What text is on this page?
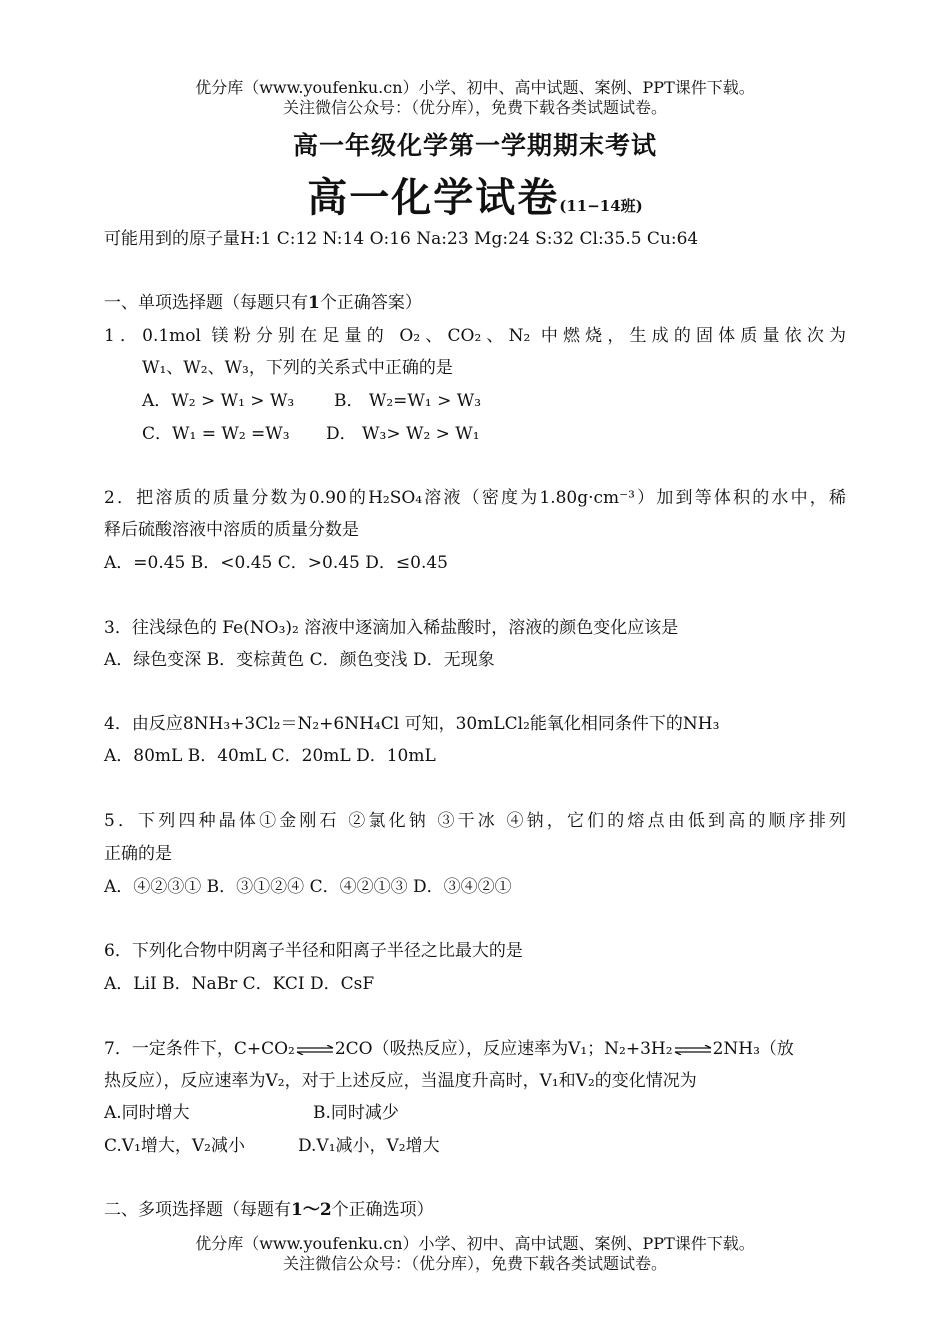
优分库（www.youfenku.cn）小学、初中、高中试题、案例、PPT课件下载。
关注微信公众号：（优分库），免费下载各类试题试卷。
高一年级化学第一学期期末考试
高一化学试卷(11−14班)
可能用到的原子量H:1 C:12 N:14 O:16 Na:23 Mg:24 S:32 Cl:35.5 Cu:64
一、单项选择题（每题只有1个正确答案）
1．0.1mol 镁粉分别在足量的 O₂、CO₂、N₂ 中燃烧，生成的固体质量依次为
W₁、W₂、W₃，下列的关系式中正确的是
A．W₂ > W₁ > W₃ B． W₂=W₁ > W₃
C．W₁ = W₂ =W₃ D． W₃> W₂ > W₁
2．把溶质的质量分数为0.90的H₂SO₄溶液（密度为1.80g·cm⁻³）加到等体积的水中，稀
释后硫酸溶液中溶质的质量分数是
A．=0.45 B．<0.45 C．>0.45 D．≤0.45
3．往浅绿色的 Fe(NO₃)₂ 溶液中逐滴加入稀盐酸时，溶液的颜色变化应该是
A．绿色变深 B．变棕黄色 C．颜色变浅 D．无现象
4．由反应8NH₃+3Cl₂＝N₂+6NH₄Cl 可知，30mLCl₂能氧化相同条件下的NH₃
A．80mL B．40mL C．20mL D．10mL
5．下列四种晶体①金刚石 ②氯化钠 ③干冰 ④钠，它们的熔点由低到高的顺序排列
正确的是
A．④②③① B．③①②④ C．④②①③ D．③④②①
6．下列化合物中阴离子半径和阳离子半径之比最大的是
A．LiI B．NaBr C．KCI D．CsF
7．一定条件下，C+CO₂⇌2CO（吸热反应），反应速率为V₁；N₂+3H₂⇌2NH₃（放
热反应），反应速率为V₂，对于上述反应，当温度升高时，V₁和V₂的变化情况为
A.同时增大	B.同时减少
C.V₁增大，V₂减小	D.V₁减小，V₂增大
二、多项选择题（每题有1～2个正确选项）
优分库（www.youfenku.cn）小学、初中、高中试题、案例、PPT课件下载。
关注微信公众号：（优分库），免费下载各类试题试卷。
